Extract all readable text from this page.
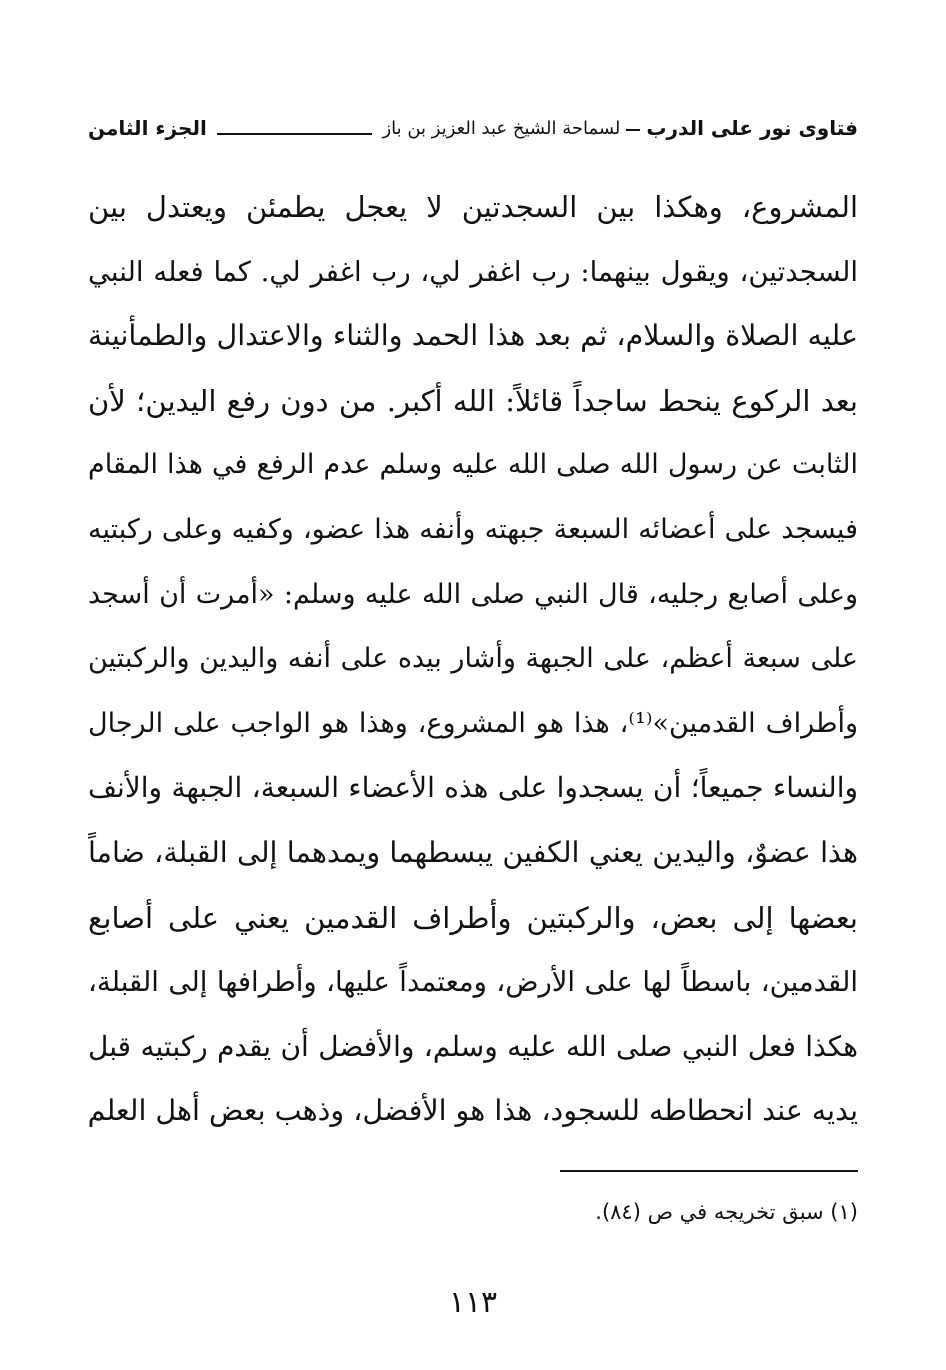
فتاوى نور على الدرب
لسماحة الشيخ عبد العزيز بن باز
الجزء الثامن
المشروع، وهكذا بين السجدتين لا يعجل يطمئن ويعتدل بين
السجدتين، ويقول بينهما: رب اغفر لي، رب اغفر لي. كما فعله النبي
عليه الصلاة والسلام، ثم بعد هذا الحمد والثناء والاعتدال والطمأنينة
بعد الركوع ينحط ساجداً قائلاً: الله أكبر. من دون رفع اليدين؛ لأن
الثابت عن رسول الله صلى الله عليه وسلم عدم الرفع في هذا المقام
فيسجد على أعضائه السبعة جبهته وأنفه هذا عضو، وكفيه وعلى ركبتيه
وعلى أصابع رجليه، قال النبي صلى الله عليه وسلم: «أمرت أن أسجد
على سبعة أعظم، على الجبهة وأشار بيده على أنفه واليدين والركبتين
وأطراف القدمين»⁽¹⁾، هذا هو المشروع، وهذا هو الواجب على الرجال
والنساء جميعاً؛ أن يسجدوا على هذه الأعضاء السبعة، الجبهة والأنف
هذا عضوٌ، واليدين يعني الكفين يبسطهما ويمدهما إلى القبلة، ضاماً
بعضها إلى بعض، والركبتين وأطراف القدمين يعني على أصابع
القدمين، باسطاً لها على الأرض، ومعتمداً عليها، وأطرافها إلى القبلة،
هكذا فعل النبي صلى الله عليه وسلم، والأفضل أن يقدم ركبتيه قبل
يديه عند انحطاطه للسجود، هذا هو الأفضل، وذهب بعض أهل العلم
(١) سبق تخريجه في ص (٨٤).
١١٣
